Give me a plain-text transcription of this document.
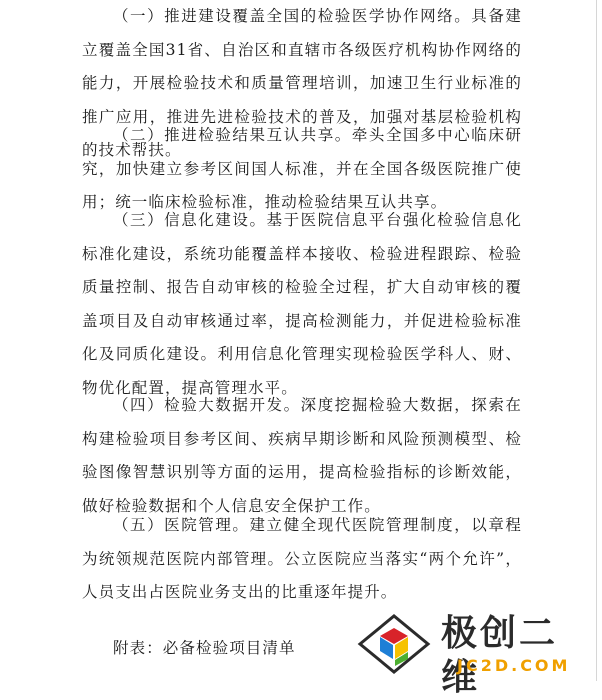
（一）推进建设覆盖全国的检验医学协作网络。具备建立覆盖全国31省、自治区和直辖市各级医疗机构协作网络的能力，开展检验技术和质量管理培训，加速卫生行业标准的推广应用，推进先进检验技术的普及，加强对基层检验机构的技术帮扶。

（二）推进检验结果互认共享。牵头全国多中心临床研究，加快建立参考区间国人标准，并在全国各级医院推广使用；统一临床检验标准，推动检验结果互认共享。

（三）信息化建设。基于医院信息平台强化检验信息化标准化建设，系统功能覆盖样本接收、检验进程跟踪、检验质量控制、报告自动审核的检验全过程，扩大自动审核的覆盖项目及自动审核通过率，提高检测能力，并促进检验标准化及同质化建设。利用信息化管理实现检验医学科人、财、物优化配置，提高管理水平。

（四）检验大数据开发。深度挖掘检验大数据，探索在构建检验项目参考区间、疾病早期诊断和风险预测模型、检验图像智慧识别等方面的运用，提高检验指标的诊断效能，做好检验数据和个人信息安全保护工作。

（五）医院管理。建立健全现代医院管理制度，以章程为统领规范医院内部管理。公立医院应当落实“两个允许”，人员支出占医院业务支出的比重逐年提升。

附表：必备检验项目清单	极创二维
JC2D.COM
